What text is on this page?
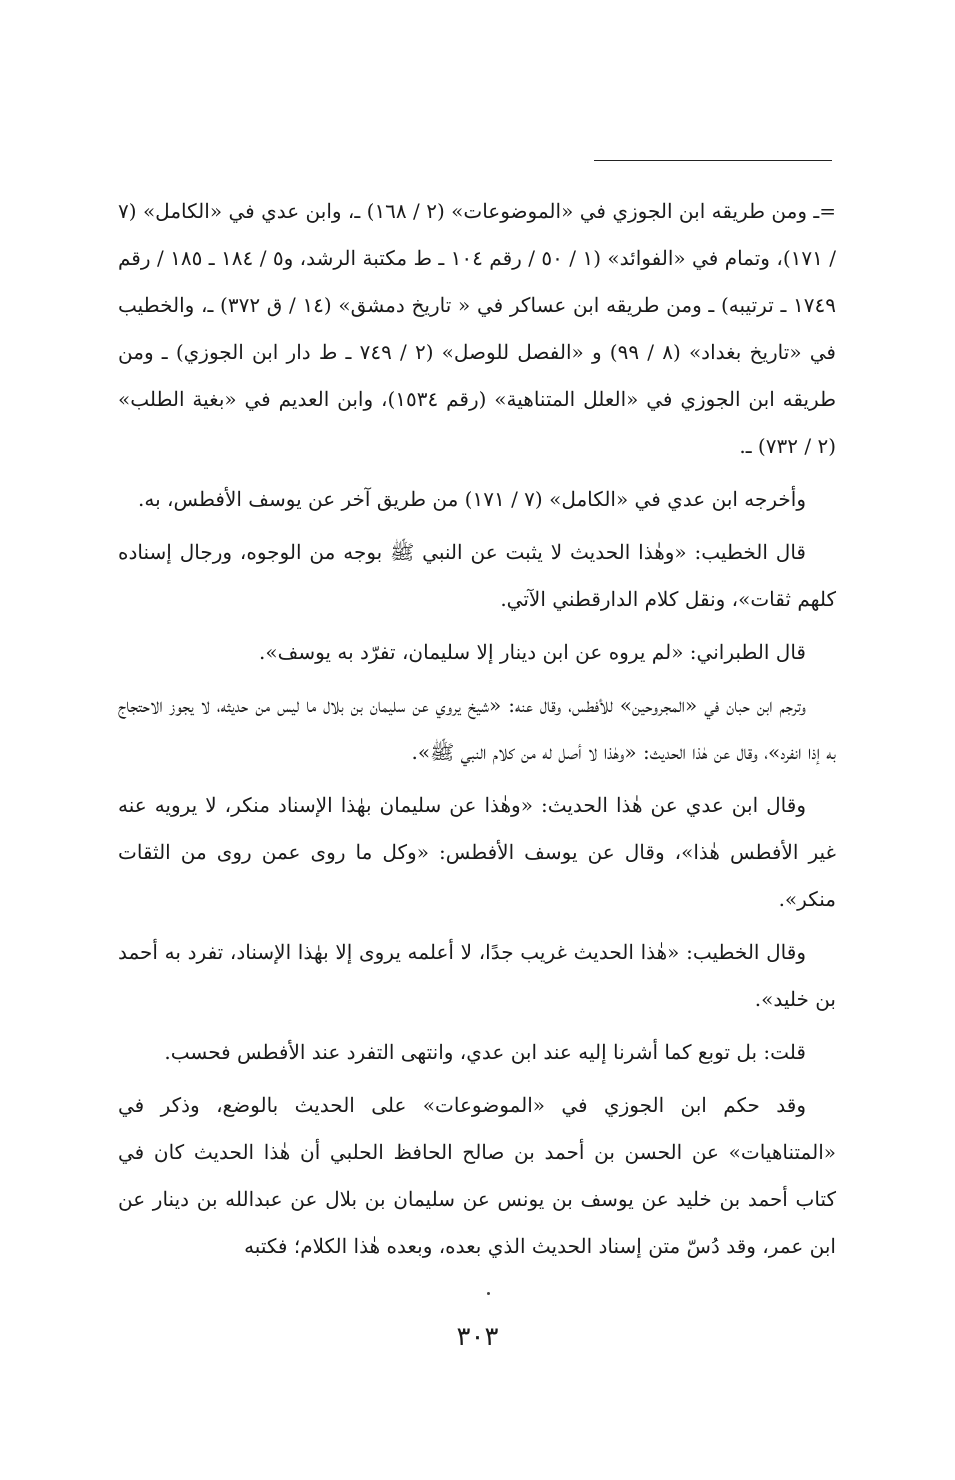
=ـ ومن طريقه ابن الجوزي في «الموضوعات» (٢ / ١٦٨) ـ، وابن عدي في «الكامل» (٧ / ١٧١)، وتمام في «الفوائد» (١ / ٥٠ / رقم ١٠٤ ـ ط مكتبة الرشد، و٥ / ١٨٤ ـ ١٨٥ / رقم ١٧٤٩ ـ ترتيبه) ـ ومن طريقه ابن عساكر في « تاريخ دمشق» (١٤ / ق ٣٧٢) ـ، والخطيب في «تاريخ بغداد» (٨ / ٩٩) و «الفصل للوصل» (٢ / ٧٤٩ ـ ط دار ابن الجوزي) ـ ومن طريقه ابن الجوزي في «العلل المتناهية» (رقم ١٥٣٤)، وابن العديم في «بغية الطلب» (٢ / ٧٣٢) ـ.

وأخرجه ابن عدي في «الكامل» (٧ / ١٧١) من طريق آخر عن يوسف الأفطس، به.

قال الخطيب: «وهٰذا الحديث لا يثبت عن النبي ﷺ بوجه من الوجوه، ورجال إسناده كلهم ثقات»، ونقل كلام الدارقطني الآتي.

قال الطبراني: «لم يروه عن ابن دينار إلا سليمان، تفرّد به يوسف».

وترجم ابن حبان في «المجروحين» للأفطس، وقال عنه: «شيخ يروي عن سليمان بن بلال ما ليس من حديثه، لا يجوز الاحتجاج به إذا انفرد»، وقال عن هٰذا الحديث: «وهٰذا لا أصل له من كلام النبي ﷺ».

وقال ابن عدي عن هٰذا الحديث: «وهٰذا عن سليمان بهٰذا الإسناد منكر، لا يرويه عنه غير الأفطس هٰذا»، وقال عن يوسف الأفطس: «وكل ما روى عمن روى من الثقات منكر».

وقال الخطيب: «هٰذا الحديث غريب جدًا، لا أعلمه يروى إلا بهٰذا الإسناد، تفرد به أحمد بن خليد».

قلت: بل توبع كما أشرنا إليه عند ابن عدي، وانتهى التفرد عند الأفطس فحسب.

وقد حكم ابن الجوزي في «الموضوعات» على الحديث بالوضع، وذكر في «المتناهيات» عن الحسن بن أحمد بن صالح الحافظ الحلبي أن هٰذا الحديث كان في كتاب أحمد بن خليد عن يوسف بن يونس عن سليمان بن بلال عن عبدالله بن دينار عن ابن عمر، وقد دُسّ متن إسناد الحديث الذي بعده، وبعده هٰذا الكلام؛ فكتبه

٣٠٣
